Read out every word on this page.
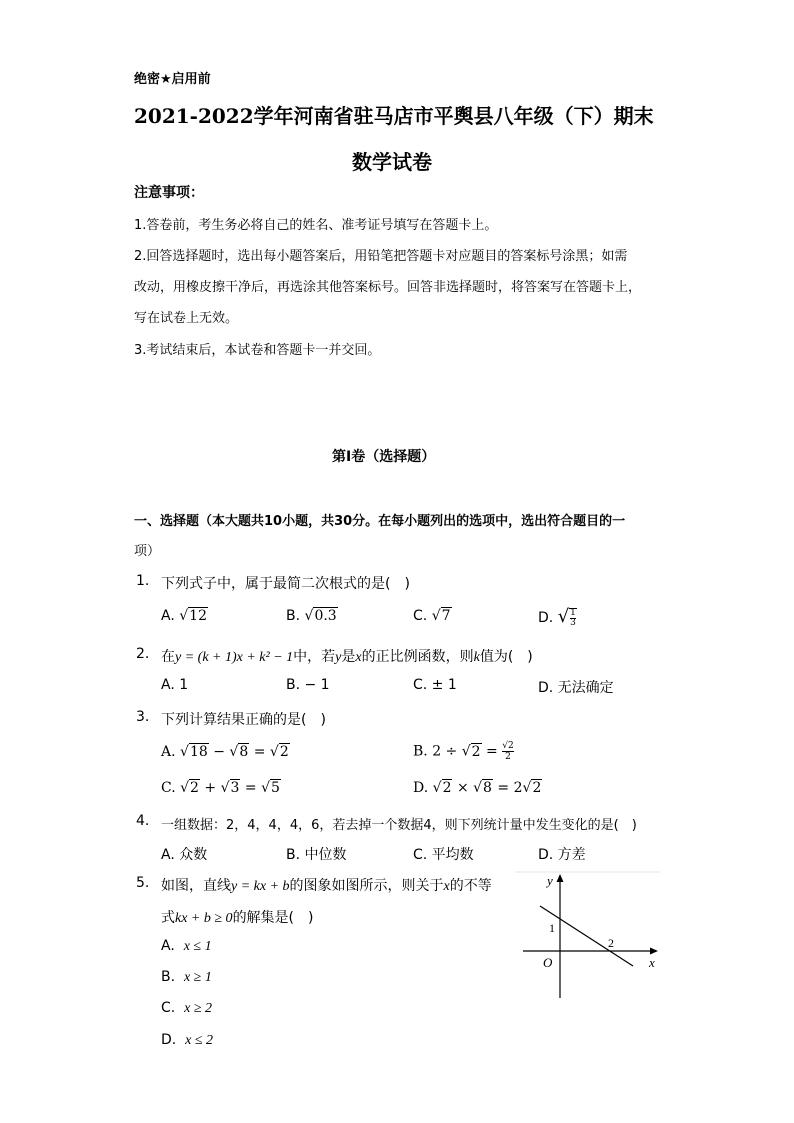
绝密★启用前
2021-2022学年河南省驻马店市平舆县八年级（下）期末
数学试卷
注意事项：
1.答卷前，考生务必将自己的姓名、准考证号填写在答题卡上。
2.回答选择题时，选出每小题答案后，用铅笔把答题卡对应题目的答案标号涂黑；如需
改动，用橡皮擦干净后，再选涂其他答案标号。回答非选择题时，将答案写在答题卡上，
写在试卷上无效。
3.考试结束后，本试卷和答题卡一并交回。
第Ⅰ卷（选择题）
一、选择题（本大题共10小题，共30分。在每小题列出的选项中，选出符合题目的一
项）
1. 下列式子中，属于最简二次根式的是(　)
A. √12	B. √0.3	C. √7	D. √ $\frac{1}{3}$
2. 在y = (k + 1)x + k² − 1中，若y是x的正比例函数，则k值为(　)
A. 1	B. − 1	C. ± 1	D. 无法确定
3. 下列计算结果正确的是(　)
A. √18 − √8 = √2	B. $2 \div √2 = \frac{√2}{2}$
C. √2 + √3 = √5	D. √2 × √8 = 2√2
4. 一组数据：2，4，4，4，6，若去掉一个数据4，则下列统计量中发生变化的是(　)
A. 众数	B. 中位数	C. 平均数	D. 方差
5. 如图，直线y = kx + b的图象如图所示，则关于x的不等
式kx + b ≥ 0的解集是(　)
A. x ≤ 1
B. x ≥ 1
C. x ≥ 2
D. x ≤ 2
y
x
O
1
2
